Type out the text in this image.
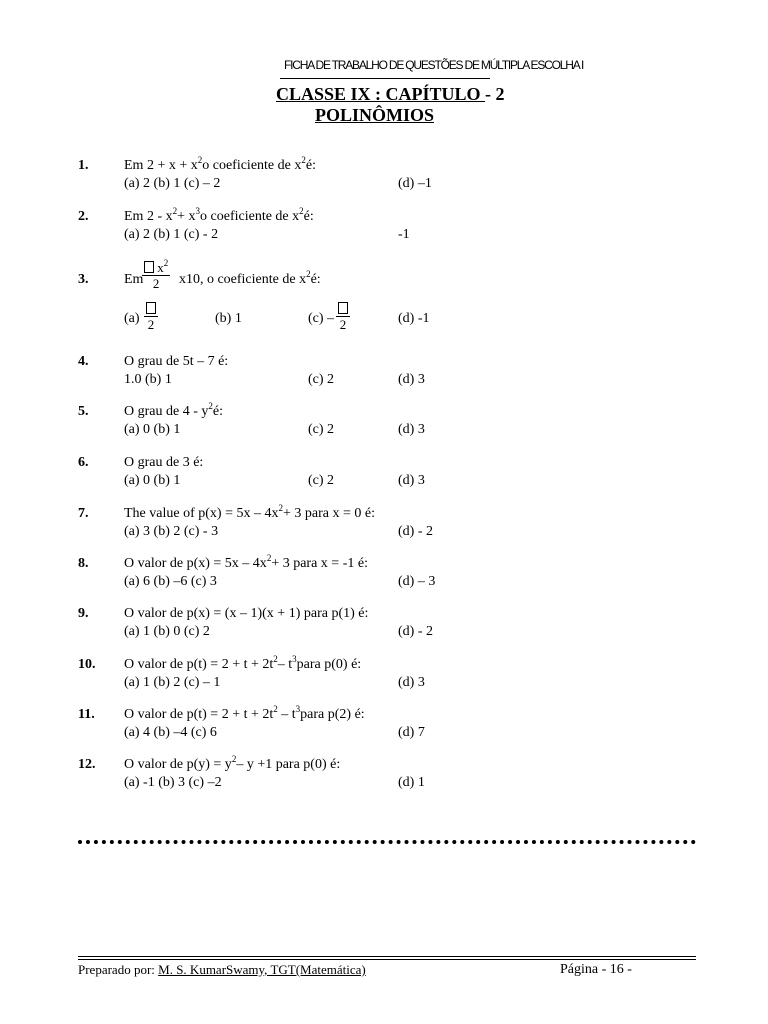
FICHA DE TRABALHO DE QUESTÕES DE MÚLTIPLA ESCOLHA I
CLASSE IX : CAPÍTULO - 2
POLINÔMIOS
1.	Em $2 + x + x^2o$ coeficiente de $x^2é$:
(a) 2 (b) 1 (c) – 2	(d) –1
2.	Em $2 - x^2+ x^3o$ coeficiente de $x^2é$:
(a) 2 (b) 1 (c) - 2	-1
3.	Em x10, o coeficiente de $x^2é$:
$\frac{x^2}{2}$
(a) 2	(b) 1	(c) – 2	(d) -1
4.	O grau de 5t – 7 é:
1.0 (b) 1	(c) 2	(d) 3
5.	O grau de $4 - y^2é$:
(a) 0 (b) 1	(c) 2	(d) 3
6.	O grau de 3 é:
(a) 0 (b) 1	(c) 2	(d) 3
7.	The value of $p(x) = 5x - 4x^2+ 3$ para x = 0 é:
(a) 3 (b) 2 (c) - 3	(d) - 2
8.	O valor de $p(x) = 5x - 4x^2+ 3$ para x = -1 é:
(a) 6 (b) –6 (c) 3	(d) – 3
9.	O valor de p(x) = (x – 1)(x + 1) para p(1) é:
(a) 1 (b) 0 (c) 2	(d) - 2
10. O valor de $p(t) = 2 + t + 2t^2-$ $t^3para$ p(0) é:
(a) 1 (b) 2 (c) – 1	(d) 3
11. O valor de $p(t) = 2 + t + 2t^2$ – $t^3para$ p(2) é:
(a) 4 (b) –4 (c) 6	(d) 7
12. O valor de $p(y) = y^2-$ y +1 para p(0) é:
(a) -1 (b) 3 (c) –2	(d) 1
Preparado por: M. S. KumarSwamy, TGT(Matemática)	Página - 16 -
